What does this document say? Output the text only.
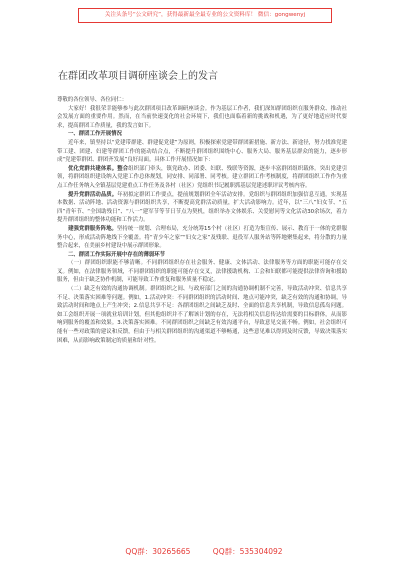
关注头条号“公文研究”，获得最新最全最专业的公文资料库！ 微信：gongwenyj
在群团改革项目调研座谈会上的发言

尊敬的各位领导、各位同仁：

大家好！我很荣幸能够参与此次群团项目改革调研座谈会。作为基层工作者，我们深知群团组织在服务群众、推动社会发展方面的重要作用。然而，在当前快速变化的社会环境下，我们也面临着新的挑战和机遇，为了更好地适应时代要求，提高群团工作质量，我的发言如下。

一、群团工作开展情况

近年来，镇坚持以“党建带群建、群建促党建”为原则，积极探索党建带群团新措施、新方法、新途径，努力找准党建带工建、团建、妇建等群团工作的能动结合点，不断提升群团组织围绕中心、服务大局、服务基层群众的能力，逐步形成“党建带群团、群团齐发展”良好局面。具体工作开展情况如下：

优化党群共建体系。整合组织部门牵头，镇党政办、团委、妇联、残联等资源，逐步丰富群团组织载体。突出党建引领，将群团组织建设纳入党建工作总体规划，同安排、同部署、同考核。建立群团工作考核制度，将群团组织工作作为重点工作任务纳入全镇基层党建重点工作任务及各村（社区）党组织书记履职抓基层党建述职评议考核内容。

提升党群活动品质。年初拟定群团工作要点，提前规划群团全年活动安排。党组织与群团组织加强信息互通，实现基本数据、活动阵地、活动资源与群团组织共享，不断提高党群活动质量，扩大活动影响力。近年，以“三八”妇女节、“五四”青年节、“全国助残日”、“八一”建军节等节日节点为契机，组织举办文体娱乐、关爱慰问等文化活动30余场次，着力提升群团组织的整体功能和工作活力。

建强党群服务阵地。坚持统一规划、合理布局，充分统筹15个村（社区）打造为集宣传、展示、教育于一体的党群服务中心，形成活动阵地线下全覆盖。将“青少年之家”“妇女之家”及残联、退役军人服务站等阵地聚集起来，将分散的力量整合起来，在美丽乡村建设中展示群团形象。

二、群团工作实际开展中存在的薄弱环节

（一）群团组织职能不够清晰。不同群团组织存在社会服务、健康、文体活动、法律服务等方面的职能可能存在交叉。例如，在法律服务领域，不同群团组织的职能可能存在交叉，法律援助机构、工会和妇联都可能提供法律咨询和援助服务，但由于缺乏协作机制，可能导致工作重复和服务质量不稳定。

（二）缺乏有效的沟通协调机制。群团组织之间、与政府部门之间的沟通协调机制不完善，导致活动冲突、信息共享不足、决策落实困难等问题。例如，1.活动冲突：不同群团组织的活动时间、地点可能冲突，缺乏有效的沟通和协调，导致活动时间和地点上产生冲突；2.信息共享不足：各群团组织之间缺乏及时、全面的信息共享机制，导致信息孤岛问题。如工会组织开展一项就业培训计划，但其他组织并不了解该计划的存在，无法将相关信息传达给需要的目标群体，从而影响到服务的覆盖和效果。3.决策落实困难。不同群团组织之间缺乏有效沟通平台，导致意见交流不畅。例如，社会组织可能有一些对政策的建议和反馈，但由于与相关群团组织的沟通渠道不够畅通，这些意见难以得到及时反馈，导致决策落实困难，从而影响政策制定的质量和针对性。

QQ群：30265665	QQ群：535304092
